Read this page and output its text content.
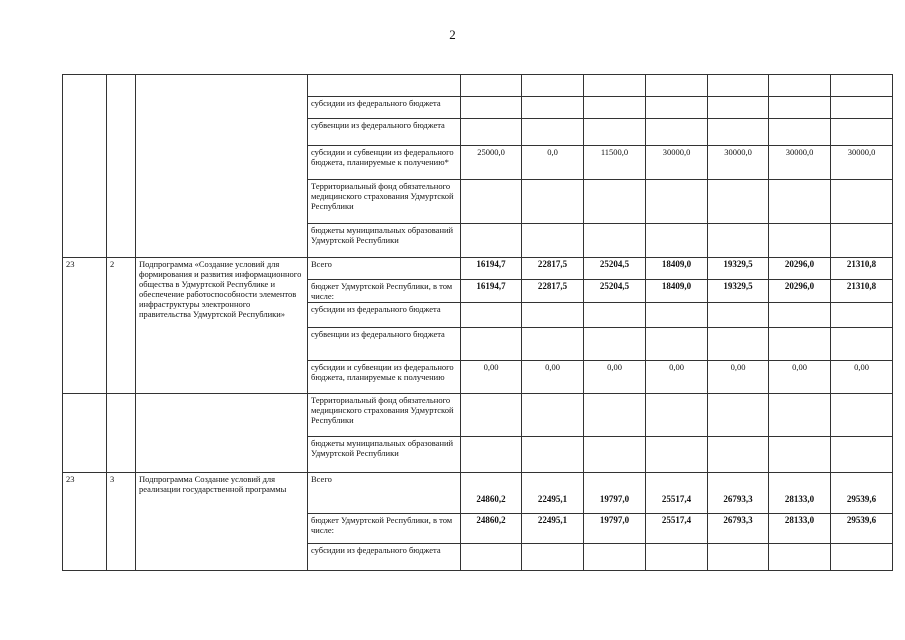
2

			субсидии из федерального бюджета							
			субвенции из федерального бюджета							
			субсидии и субвенции из федерального бюджета, планируемые к получению*	25000,0	0,0	11500,0	30000,0	30000,0	30000,0	30000,0
			Территориальный фонд обязательного медицинского страхования Удмуртской Республики							
			бюджеты муниципальных образований Удмуртской Республики							
23	2	Подпрограмма «Создание условий для формирования и развития информационного общества в Удмуртской Республике и обеспечение работоспособности элементов инфраструктуры электронного правительства Удмуртской Республики»	Всего	16194,7	22817,5	25204,5	18409,0	19329,5	20296,0	21310,8
			бюджет Удмуртской Республики, в том числе:	16194,7	22817,5	25204,5	18409,0	19329,5	20296,0	21310,8
			субсидии из федерального бюджета							
			субвенции из федерального бюджета							
			субсидии и субвенции из федерального бюджета, планируемые к получению	0,00	0,00	0,00	0,00	0,00	0,00	0,00
			Территориальный фонд обязательного медицинского страхования Удмуртской Республики							
			бюджеты муниципальных образований Удмуртской Республики							
23	3	Подпрограмма Создание условий для реализации государственной программы	Всего	24860,2	22495,1	19797,0	25517,4	26793,3	28133,0	29539,6
			бюджет Удмуртской Республики, в том числе:	24860,2	22495,1	19797,0	25517,4	26793,3	28133,0	29539,6
			субсидии из федерального бюджета							
